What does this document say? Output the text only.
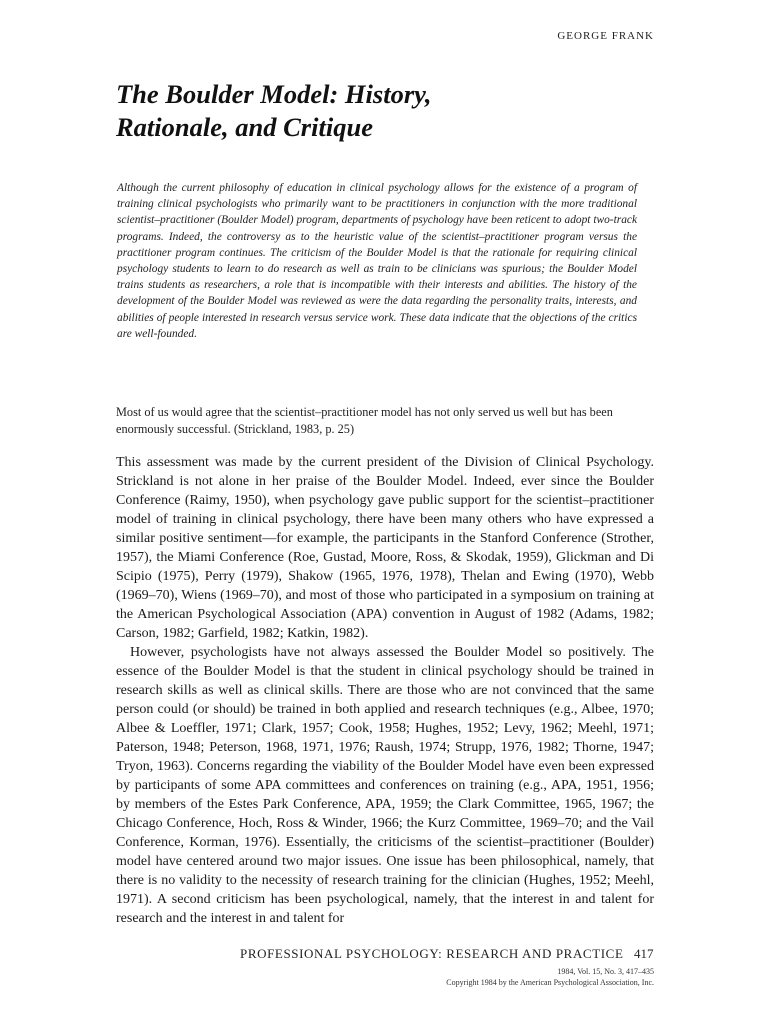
GEORGE FRANK
The Boulder Model: History,
Rationale, and Critique

Although the current philosophy of education in clinical psychology allows for the existence of a program of training clinical psychologists who primarily want to be practitioners in conjunction with the more traditional scientist–practitioner (Boulder Model) program, departments of psychology have been reticent to adopt two-track programs. Indeed, the controversy as to the heuristic value of the scientist–practitioner program versus the practitioner program continues. The criticism of the Boulder Model is that the rationale for requiring clinical psychology students to learn to do research as well as train to be clinicians was spurious; the Boulder Model trains students as researchers, a role that is incompatible with their interests and abilities. The history of the development of the Boulder Model was reviewed as were the data regarding the personality traits, interests, and abilities of people interested in research versus service work. These data indicate that the objections of the critics are well-founded.

Most of us would agree that the scientist–practitioner model has not only served us well but has been enormously successful. (Strickland, 1983, p. 25)

This assessment was made by the current president of the Division of Clinical Psychology. Strickland is not alone in her praise of the Boulder Model. Indeed, ever since the Boulder Conference (Raimy, 1950), when psychology gave public support for the scientist–practitioner model of training in clinical psychology, there have been many others who have expressed a similar positive sentiment—for example, the participants in the Stanford Conference (Strother, 1957), the Miami Conference (Roe, Gustad, Moore, Ross, & Skodak, 1959), Glickman and Di Scipio (1975), Perry (1979), Shakow (1965, 1976, 1978), Thelan and Ewing (1970), Webb (1969–70), Wiens (1969–70), and most of those who participated in a symposium on training at the American Psychological Association (APA) convention in August of 1982 (Adams, 1982; Carson, 1982; Garfield, 1982; Katkin, 1982).

However, psychologists have not always assessed the Boulder Model so positively. The essence of the Boulder Model is that the student in clinical psychology should be trained in research skills as well as clinical skills. There are those who are not convinced that the same person could (or should) be trained in both applied and research techniques (e.g., Albee, 1970; Albee & Loeffler, 1971; Clark, 1957; Cook, 1958; Hughes, 1952; Levy, 1962; Meehl, 1971; Paterson, 1948; Peterson, 1968, 1971, 1976; Raush, 1974; Strupp, 1976, 1982; Thorne, 1947; Tryon, 1963). Concerns regarding the viability of the Boulder Model have even been expressed by participants of some APA committees and conferences on training (e.g., APA, 1951, 1956; by members of the Estes Park Conference, APA, 1959; the Clark Committee, 1965, 1967; the Chicago Conference, Hoch, Ross & Winder, 1966; the Kurz Committee, 1969–70; and the Vail Conference, Korman, 1976). Essentially, the criticisms of the scientist–practitioner (Boulder) model have centered around two major issues. One issue has been philosophical, namely, that there is no validity to the necessity of research training for the clinician (Hughes, 1952; Meehl, 1971). A second criticism has been psychological, namely, that the interest in and talent for research and the interest in and talent for

PROFESSIONAL PSYCHOLOGY: RESEARCH AND PRACTICE 417
1984, Vol. 15, No. 3, 417–435
Copyright 1984 by the American Psychological Association, Inc.
